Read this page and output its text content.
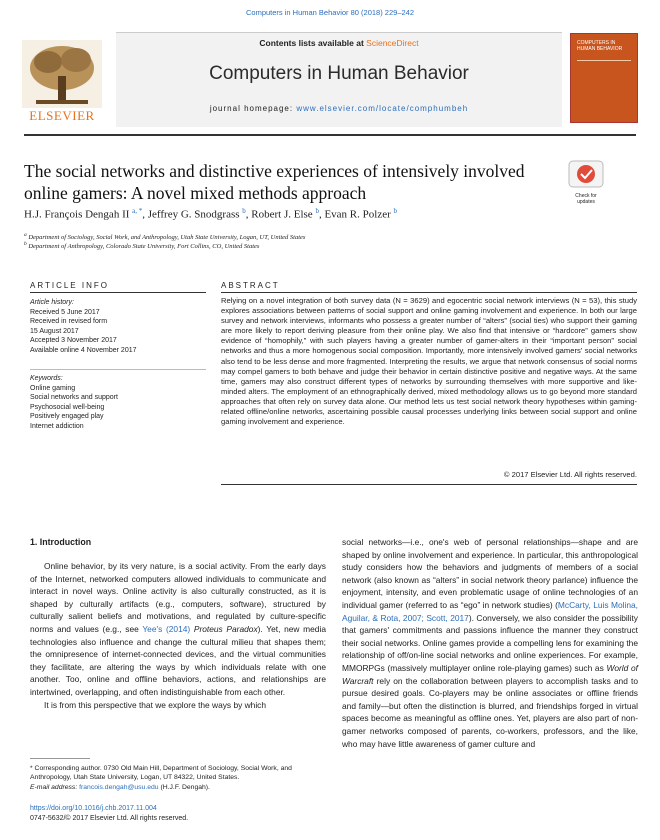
Computers in Human Behavior 80 (2018) 229–242
ELSEVIER
Contents lists available at ScienceDirect
Computers in Human Behavior
journal homepage: www.elsevier.com/locate/comphumbeh
COMPUTERS IN HUMAN BEHAVIOR
The social networks and distinctive experiences of intensively involved online gamers: A novel mixed methods approach	Check for updates
H.J. François Dengah II $^{a, *}$, Jeffrey G. Snodgrass $^b$, Robert J. Else $^b$, Evan R. Polzer $^b$
$^a$ Department of Sociology, Social Work, and Anthropology, Utah State University, Logan, UT, United States
$^b$ Department of Anthropology, Colorado State University, Fort Collins, CO, United States
ARTICLE INFO
Article history:
Received 5 June 2017
Received in revised form
15 August 2017
Accepted 3 November 2017
Available online 4 November 2017
Keywords:
Online gaming
Social networks and support
Psychosocial well-being
Positively engaged play
Internet addiction
ABSTRACT
Relying on a novel integration of both survey data (N = 3629) and egocentric social network interviews (N = 53), this study explores associations between patterns of social support and online gaming involvement and experience. In both our large survey and network interviews, informants who possess a greater number of “alters” (social ties) who support their gaming are more likely to report deriving pleasure from their online play. We also find that intensive or “hardcore” gamers show evidence of “homophily,” with such players having a greater number of gamer-alters in their “important person” social networks and thus a more homogenous social composition. Importantly, more intensively involved gamers' social networks also tend to be less dense and more fragmented. Interpreting the results, we argue that network consensus of social norms may compel gamers to both behave and judge their behavior in certain distinctive positive and negative ways. At the same time, gamers may also construct different types of networks by surrounding themselves with more supportive and like-minded alters. The employment of an ethnographically derived, mixed methodology allows us to go beyond more standard approaches that often rely on survey data alone. Our method lets us test social network theory hypotheses within gaming-related offline/online networks, ascertaining possible causal processes underlying links between social support and online gaming involvement and experience.
© 2017 Elsevier Ltd. All rights reserved.
1. Introduction

Online behavior, by its very nature, is a social activity. From the early days of the Internet, networked computers allowed individuals to communicate and interact in novel ways. Online activity is also culturally constructed, as it is shaped by culturally artifacts (e.g., computers, software), structured by culturally salient beliefs and motivations, and regulated by culture-specific norms and values (e.g., see Yee's (2014) Proteus Paradox). Yet, new media technologies also influence and change the cultural milieu that shapes them; the omnipresence of internet-connected devices, and the virtual communities they facilitate, are altering the ways by which individuals relate with one another. Too, online and offline behaviors, actions, and relationships are intertwined, overlapping, and often indistinguishable from each other.

It is from this perspective that we explore the ways by which

social networks—i.e., one's web of personal relationships—shape and are shaped by online involvement and experience. In particular, this anthropological study considers how the behaviors and judgments of members of a social network (also known as “alters” in social network theory parlance) influence the enjoyment, intensity, and even problematic usage of online technologies of an individual gamer (referred to as “ego” in network studies) (McCarty, Luis Molina, Aguilar, & Rota, 2007; Scott, 2017). Conversely, we also consider the possibility that gamers' commitments and passions influence the manner they construct their social networks. Online games provide a compelling lens for examining the relationship of off/on-line social networks and online experiences. For example, MMORPGs (massively multiplayer online role-playing games) such as World of Warcraft rely on the collaboration between players to accomplish tasks and to pursue desired goals. Co-players may be online associates or offline friends and family—but often the distinction is blurred, and friendships forged in virtual spaces become as meaningful as offline ones. Yet, players are also part of non-gamer networks composed of parents, co-workers, professors, and the like, who may have little awareness of gamer culture and

* Corresponding author. 0730 Old Main Hill, Department of Sociology, Social Work, and Anthropology, Utah State University, Logan, UT 84322, United States.
E-mail address: francois.dengah@usu.edu (H.J.F. Dengah).
https://doi.org/10.1016/j.chb.2017.11.004
0747-5632/© 2017 Elsevier Ltd. All rights reserved.
